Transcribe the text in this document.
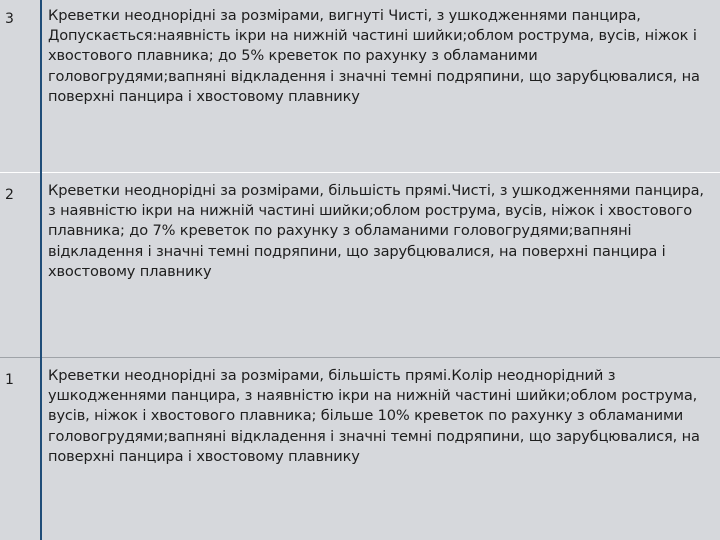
3	Креветки неоднорідні за розмірами, вигнуті Чисті, з ушкодженнями панцира, Допускається:наявність ікри на нижній частині шийки;облом рострума, вусів, ніжок і хвостового плавника; до 5% креветок по рахунку з обламаними головогрудями;вапняні відкладення і значні темні подряпини, що зарубцювалися, на поверхні панцира і хвостовому плавнику

2	Креветки неоднорідні за розмірами, більшість прямі.Чисті, з ушкодженнями панцира, з наявністю ікри на нижній частині шийки;облом рострума, вусів, ніжок і хвостового плавника; до 7% креветок по рахунку з обламаними головогрудями;вапняні відкладення і значні темні подряпини, що зарубцювалися, на поверхні панцира і хвостовому плавнику

1	Креветки неоднорідні за розмірами, більшість прямі.Колір неоднорідний з ушкодженнями панцира, з наявністю ікри на нижній частині шийки;облом рострума, вусів, ніжок і хвостового плавника; більше 10% креветок по рахунку з обламаними головогрудями;вапняні відкладення і значні темні подряпини, що зарубцювалися, на поверхні панцира і хвостовому плавнику
